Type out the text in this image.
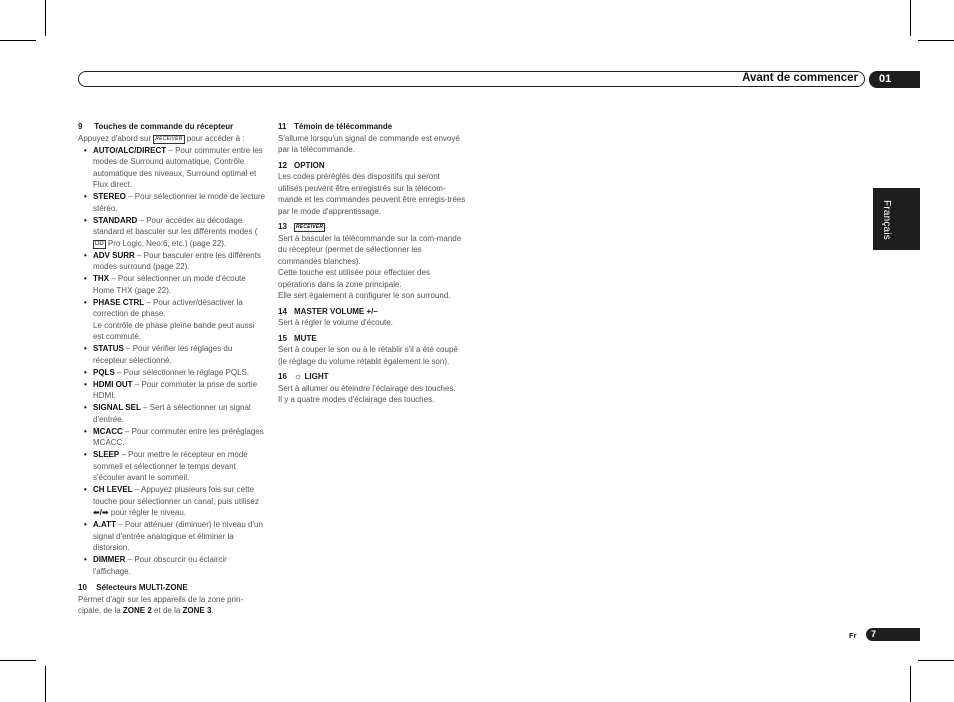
Avant de commencer	01
Français
Fr	7
9 Touches de commande du récepteur

Appuyez d'abord sur RECEIVER pour accéder à :

• AUTO/ALC/DIRECT – Pour commuter entre les modes de Surround automatique, Contrôle automatique des niveaux, Surround optimal et Flux direct.
• STEREO – Pour sélectionner le mode de lecture stéréo.
• STANDARD – Pour accéder au décodage standard et basculer sur les différents modes (DD Pro Logic, Neo:6, etc.) (page 22).
• ADV SURR – Pour basculer entre les différents modes surround (page 22).
• THX – Pour sélectionner un mode d'écoute Home THX (page 22).
• PHASE CTRL – Pour activer/désactiver la correction de phase.
Le contrôle de phase pleine bande peut aussi est commuté.
• STATUS – Pour vérifier les réglages du récepteur sélectionné.
• PQLS – Pour sélectionner le réglage PQLS.
• HDMI OUT – Pour commuter la prise de sortie HDMI.
• SIGNAL SEL – Sert à sélectionner un signal d'entrée.
• MCACC – Pour commuter entre les préréglages MCACC.
• SLEEP – Pour mettre le récepteur en mode sommeil et sélectionner le temps devant s'écouler avant le sommeil.
• CH LEVEL – Appuyez plusieurs fois sur cette touche pour sélectionner un canal, puis utilisez ⬅/➡ pour régler le niveau.
• A.ATT – Pour atténuer (diminuer) le niveau d'un signal d'entrée analogique et éliminer la distorsion.
• DIMMER – Pour obscurcir ou éclaircir l'affichage.
10 Sélecteurs MULTI-ZONE

Permet d'agir sur les appareils de la zone prin-cipale, de la ZONE 2 et de la ZONE 3.

11 Témoin de télécommande

S'allume lorsqu'un signal de commande est envoyé par la télécommande.

12 OPTION

Les codes préréglés des dispositifs qui seront utilisés peuvent être enregistrés sur la télécom-mande et les commandes peuvent être enregis-trées par le mode d'apprentissage.

13 RECEIVER

Sert à basculer la télécommande sur la com-mande du récepteur (permet de sélectionner les commandes blanches).

Cette touche est utilisée pour effectuer des opérations dans la zone principale.

Elle sert également à configurer le son surround.

14 MASTER VOLUME +/–

Sert à régler le volume d'écoute.

15 MUTE

Sert à couper le son ou à le rétablir s'il a été coupé (le réglage du volume rétablit également le son).

16 ☼ LIGHT

Sert à allumer ou éteindre l'éclairage des touches.

Il y a quatre modes d'éclairage des touches.
